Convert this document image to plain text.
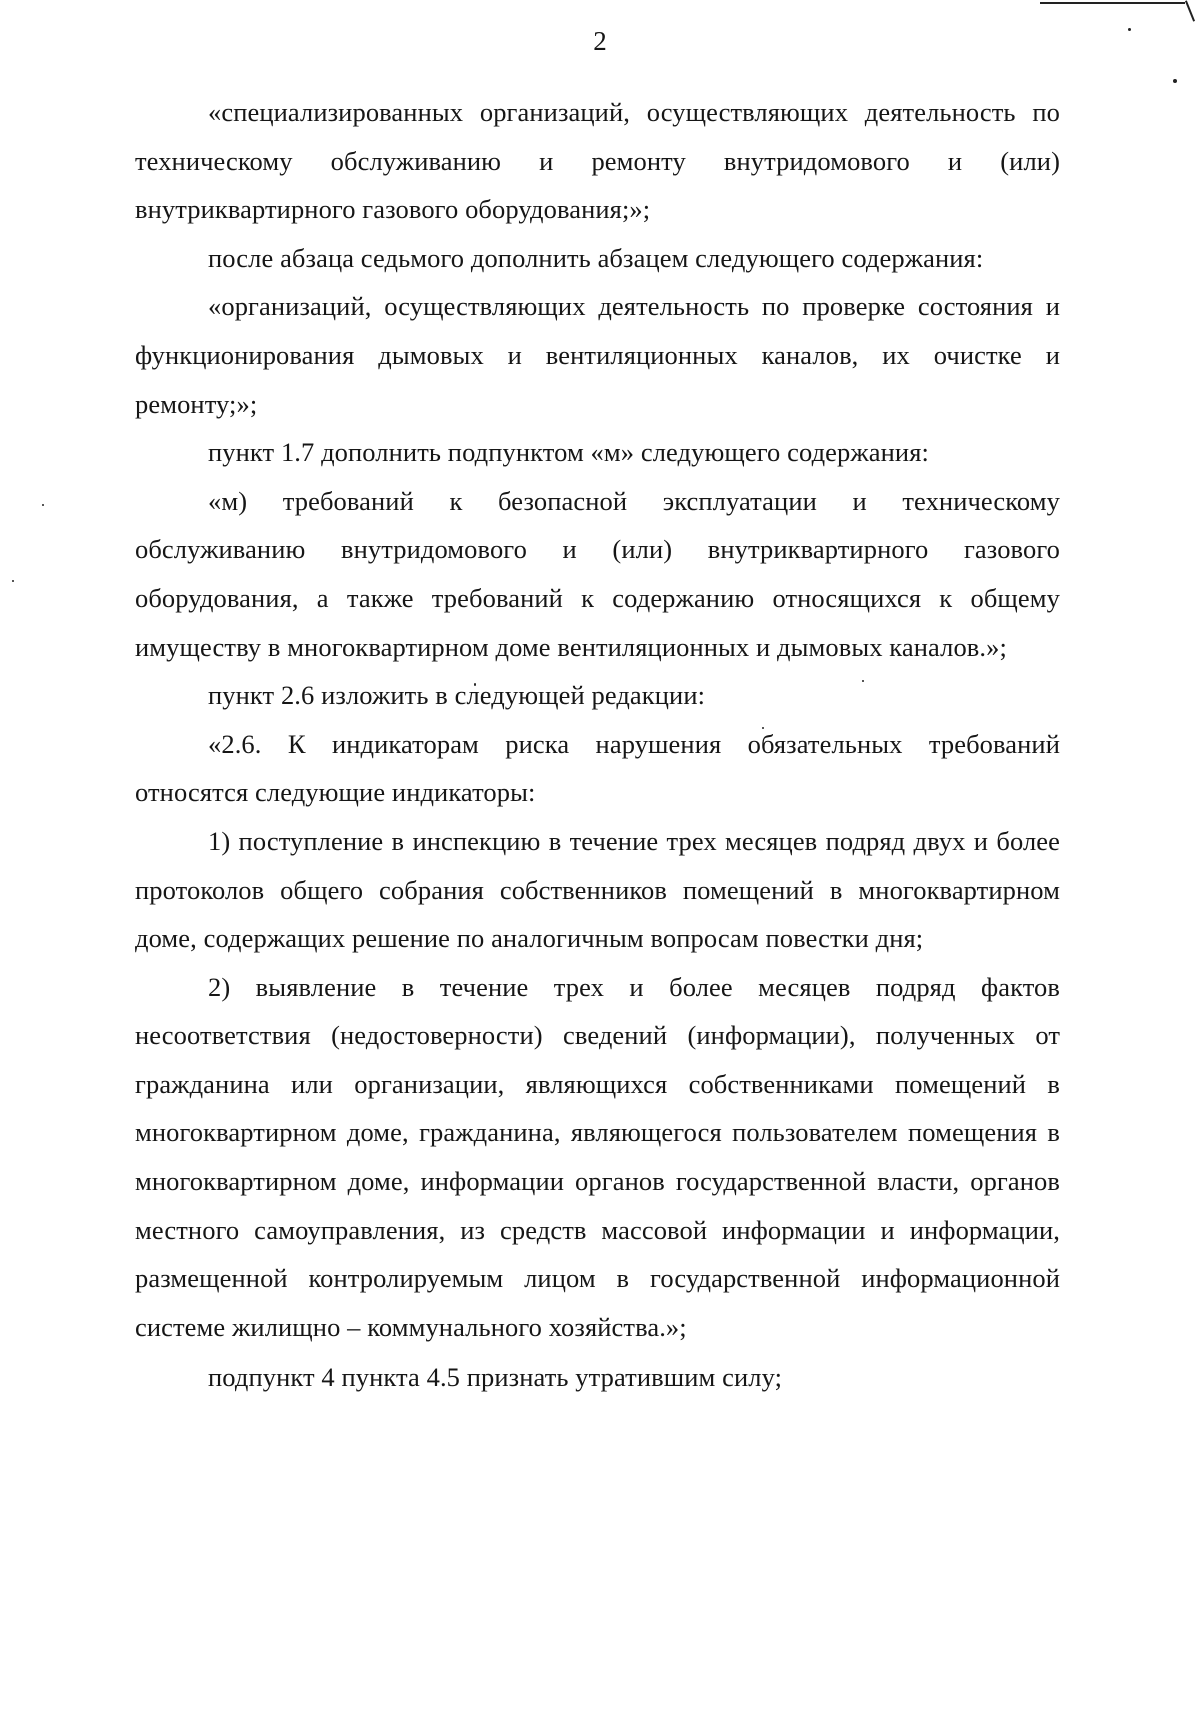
2

«специализированных организаций, осуществляющих деятельность по техническому обслуживанию и ремонту внутридомового и (или) внутриквартирного газового оборудования;»;

после абзаца седьмого дополнить абзацем следующего содержания:

«организаций, осуществляющих деятельность по проверке состояния и функционирования дымовых и вентиляционных каналов, их очистке и ремонту;»;

пункт 1.7 дополнить подпунктом «м» следующего содержания:

«м) требований к безопасной эксплуатации и техническому обслуживанию внутридомового и (или) внутриквартирного газового оборудования, а также требований к содержанию относящихся к общему имуществу в многоквартирном доме вентиляционных и дымовых каналов.»;

пункт 2.6 изложить в следующей редакции:

«2.6. К индикаторам риска нарушения обязательных требований относятся следующие индикаторы:

1) поступление в инспекцию в течение трех месяцев подряд двух и более протоколов общего собрания собственников помещений в многоквартирном доме, содержащих решение по аналогичным вопросам повестки дня;

2) выявление в течение трех и более месяцев подряд фактов несоответствия (недостоверности) сведений (информации), полученных от гражданина или организации, являющихся собственниками помещений в многоквартирном доме, гражданина, являющегося пользователем помещения в многоквартирном доме, информации органов государственной власти, органов местного самоуправления, из средств массовой информации и информации, размещенной контролируемым лицом в государственной информационной системе жилищно – коммунального хозяйства.»;

подпункт 4 пункта 4.5 признать утратившим силу;
